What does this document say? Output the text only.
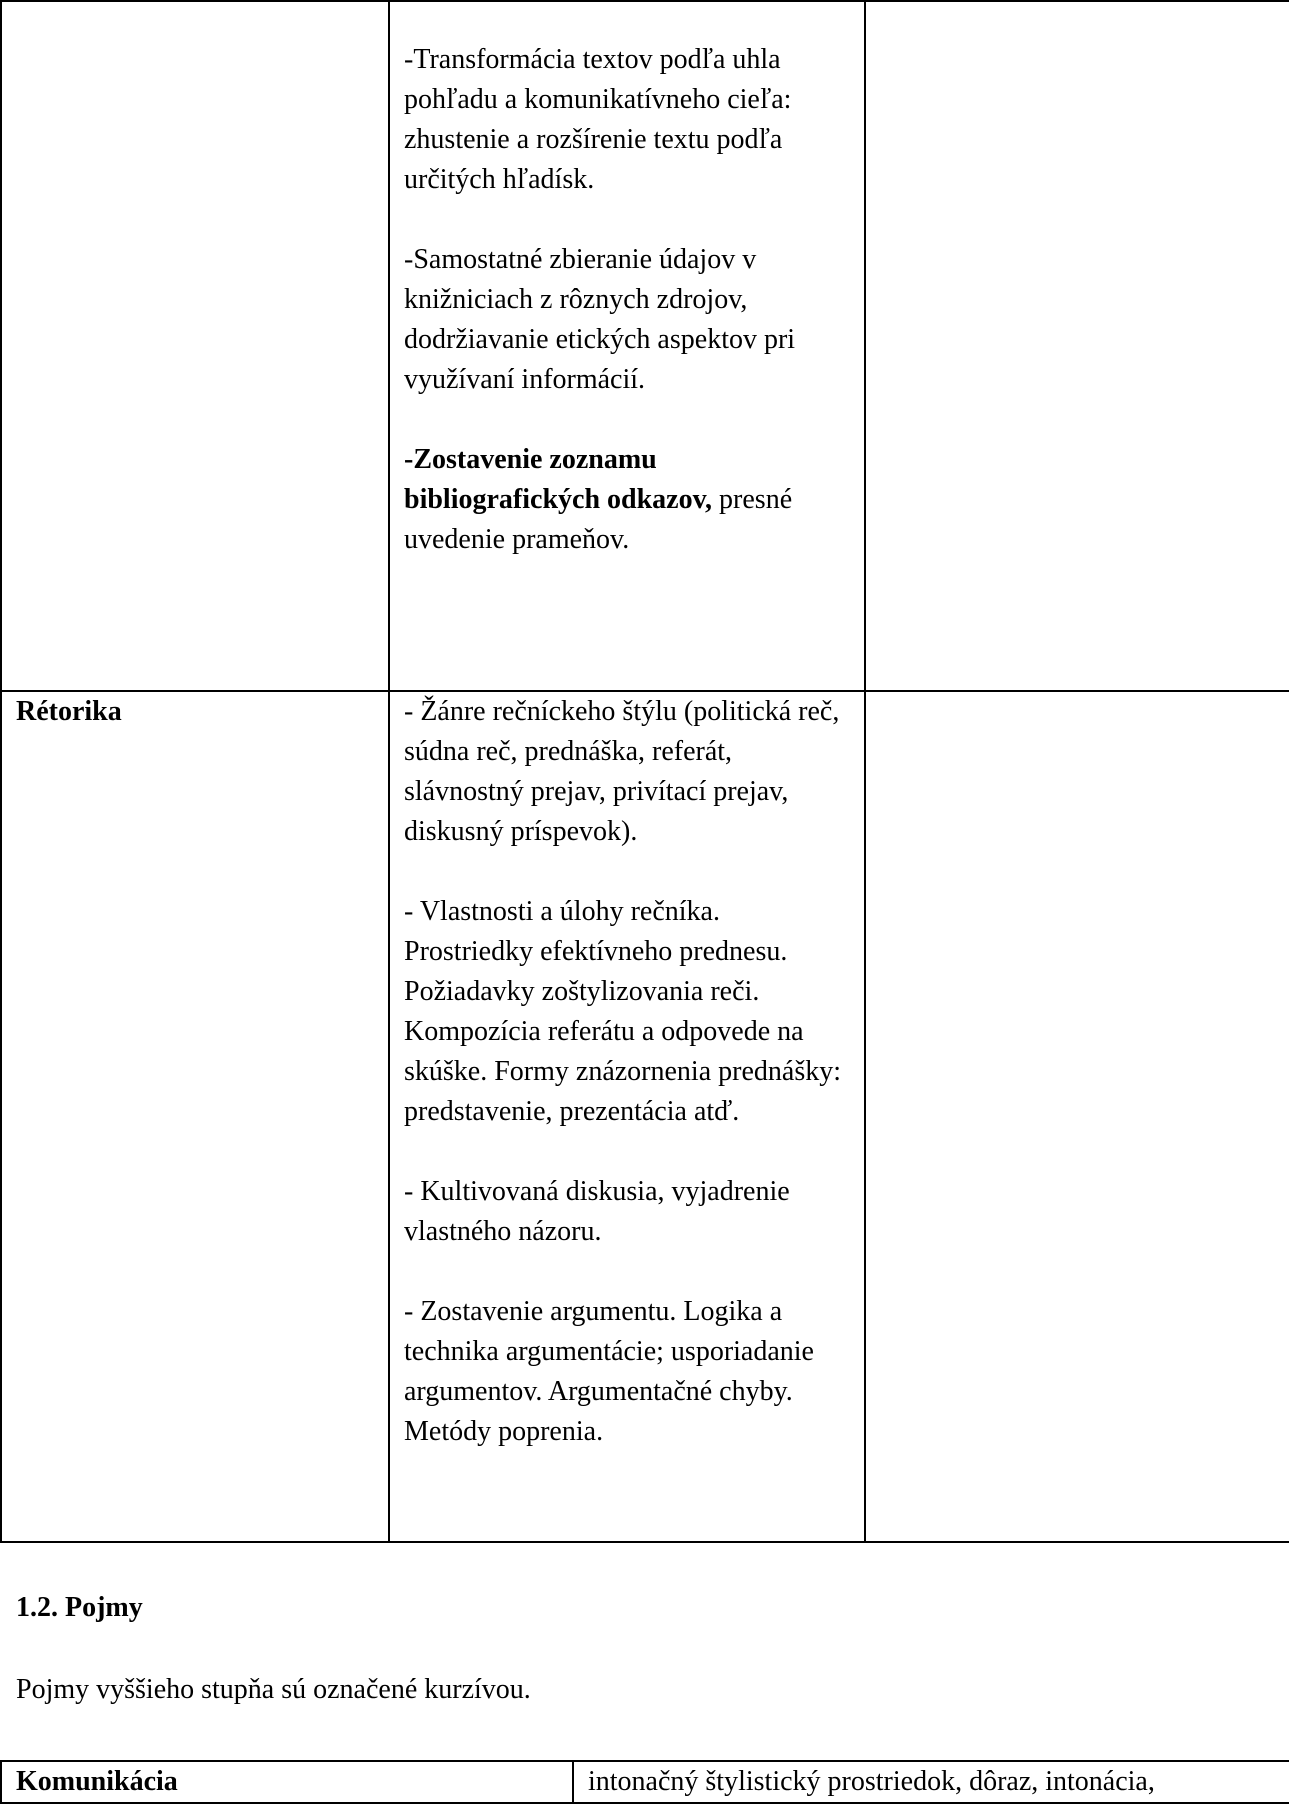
	-Transformácia textov podľa uhla pohľadu a komunikatívneho cieľa: zhustenie a rozšírenie textu podľa určitých hľadísk.

-Samostatné zbieranie údajov v knižniciach z rôznych zdrojov, dodržiavanie etických aspektov pri využívaní informácií.

-Zostavenie zoznamu bibliografických odkazov, presné uvedenie prameňov.	

Rétorika	- Žánre rečníckeho štýlu (politická reč, súdna reč, prednáška, referát, slávnostný prejav, privítací prejav, diskusný príspevok).

- Vlastnosti a úlohy rečníka. Prostriedky efektívneho prednesu. Požiadavky zoštylizovania reči. Kompozícia referátu a odpovede na skúške. Formy znázornenia prednášky: predstavenie, prezentácia atď.

- Kultivovaná diskusia, vyjadrenie vlastného názoru.

- Zostavenie argumentu. Logika a technika argumentácie; usporiadanie argumentov. Argumentačné chyby. Metódy poprenia.	

1.2. Pojmy

Pojmy vyššieho stupňa sú označené kurzívou.

Komunikácia	intonačný štylistický prostriedok, dôraz, intonácia,
